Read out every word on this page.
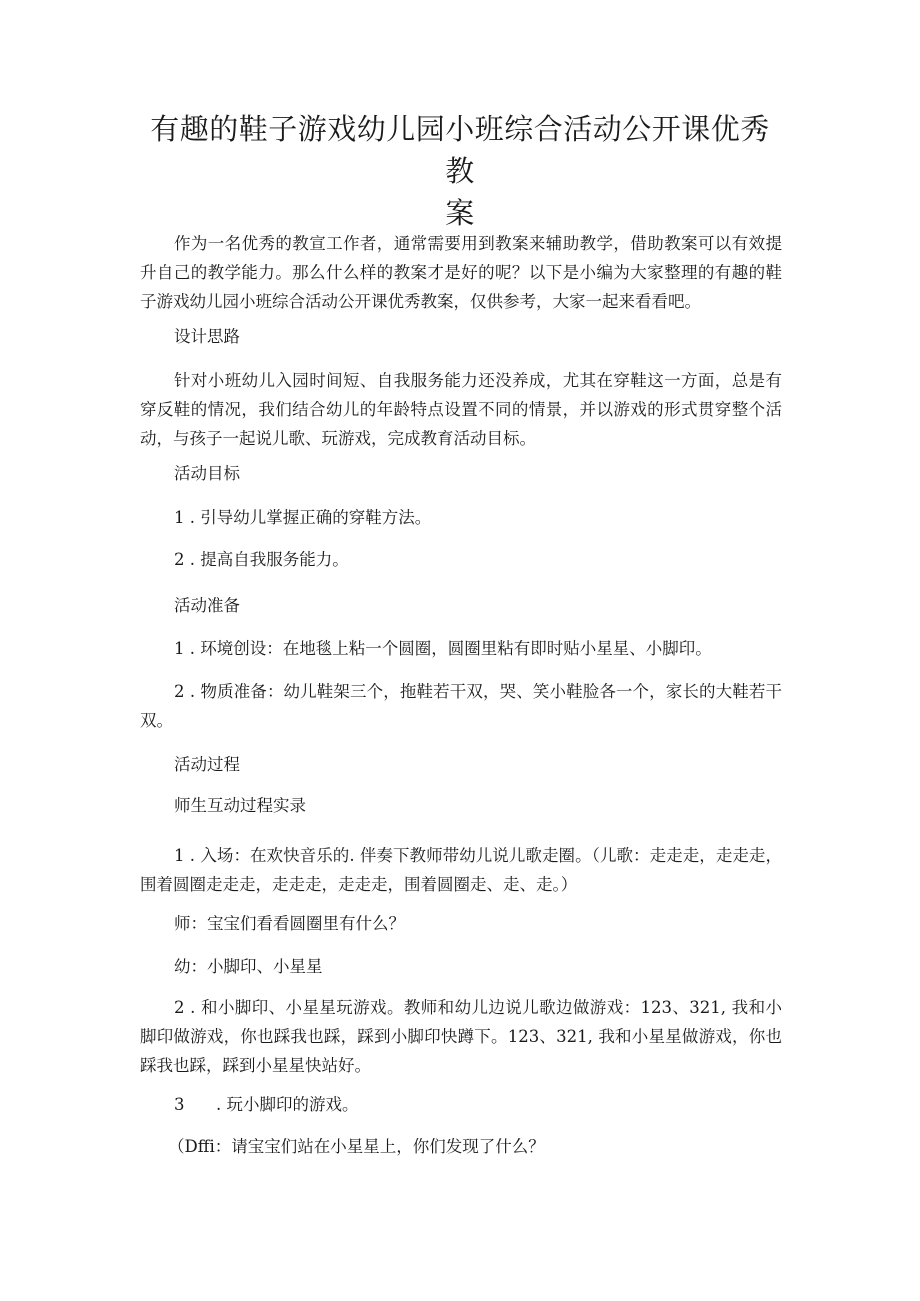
有趣的鞋子游戏幼儿园小班综合活动公开课优秀教
案

作为一名优秀的教宣工作者，通常需要用到教案来辅助教学，借助教案可以有效提升自己的教学能力。那么什么样的教案才是好的呢？以下是小编为大家整理的有趣的鞋子游戏幼儿园小班综合活动公开课优秀教案，仅供参考，大家一起来看看吧。

设计思路

针对小班幼儿入园时间短、自我服务能力还没养成，尤其在穿鞋这一方面，总是有穿反鞋的情况，我们结合幼儿的年龄特点设置不同的情景，并以游戏的形式贯穿整个活动，与孩子一起说儿歌、玩游戏，完成教育活动目标。

活动目标

1 . 引导幼儿掌握正确的穿鞋方法。

2 . 提高自我服务能力。

活动准备

1 . 环境创设：在地毯上粘一个圆圈，圆圈里粘有即时贴小星星、小脚印。

2 . 物质准备：幼儿鞋架三个，拖鞋若干双，哭、笑小鞋脸各一个，家长的大鞋若干双。

活动过程

师生互动过程实录

1 . 入场：在欢快音乐的. 伴奏下教师带幼儿说儿歌走圈。（儿歌：走走走，走走走，围着圆圈走走走，走走走，走走走，围着圆圈走、走、走。）

师：宝宝们看看圆圈里有什么？

幼：小脚印、小星星

2 . 和小脚印、小星星玩游戏。教师和幼儿边说儿歌边做游戏：123、321, 我和小脚印做游戏，你也踩我也踩，踩到小脚印快蹲下。123、321, 我和小星星做游戏，你也踩我也踩，踩到小星星快站好。

3      . 玩小脚印的游戏。

（Dffi：请宝宝们站在小星星上，你们发现了什么？
